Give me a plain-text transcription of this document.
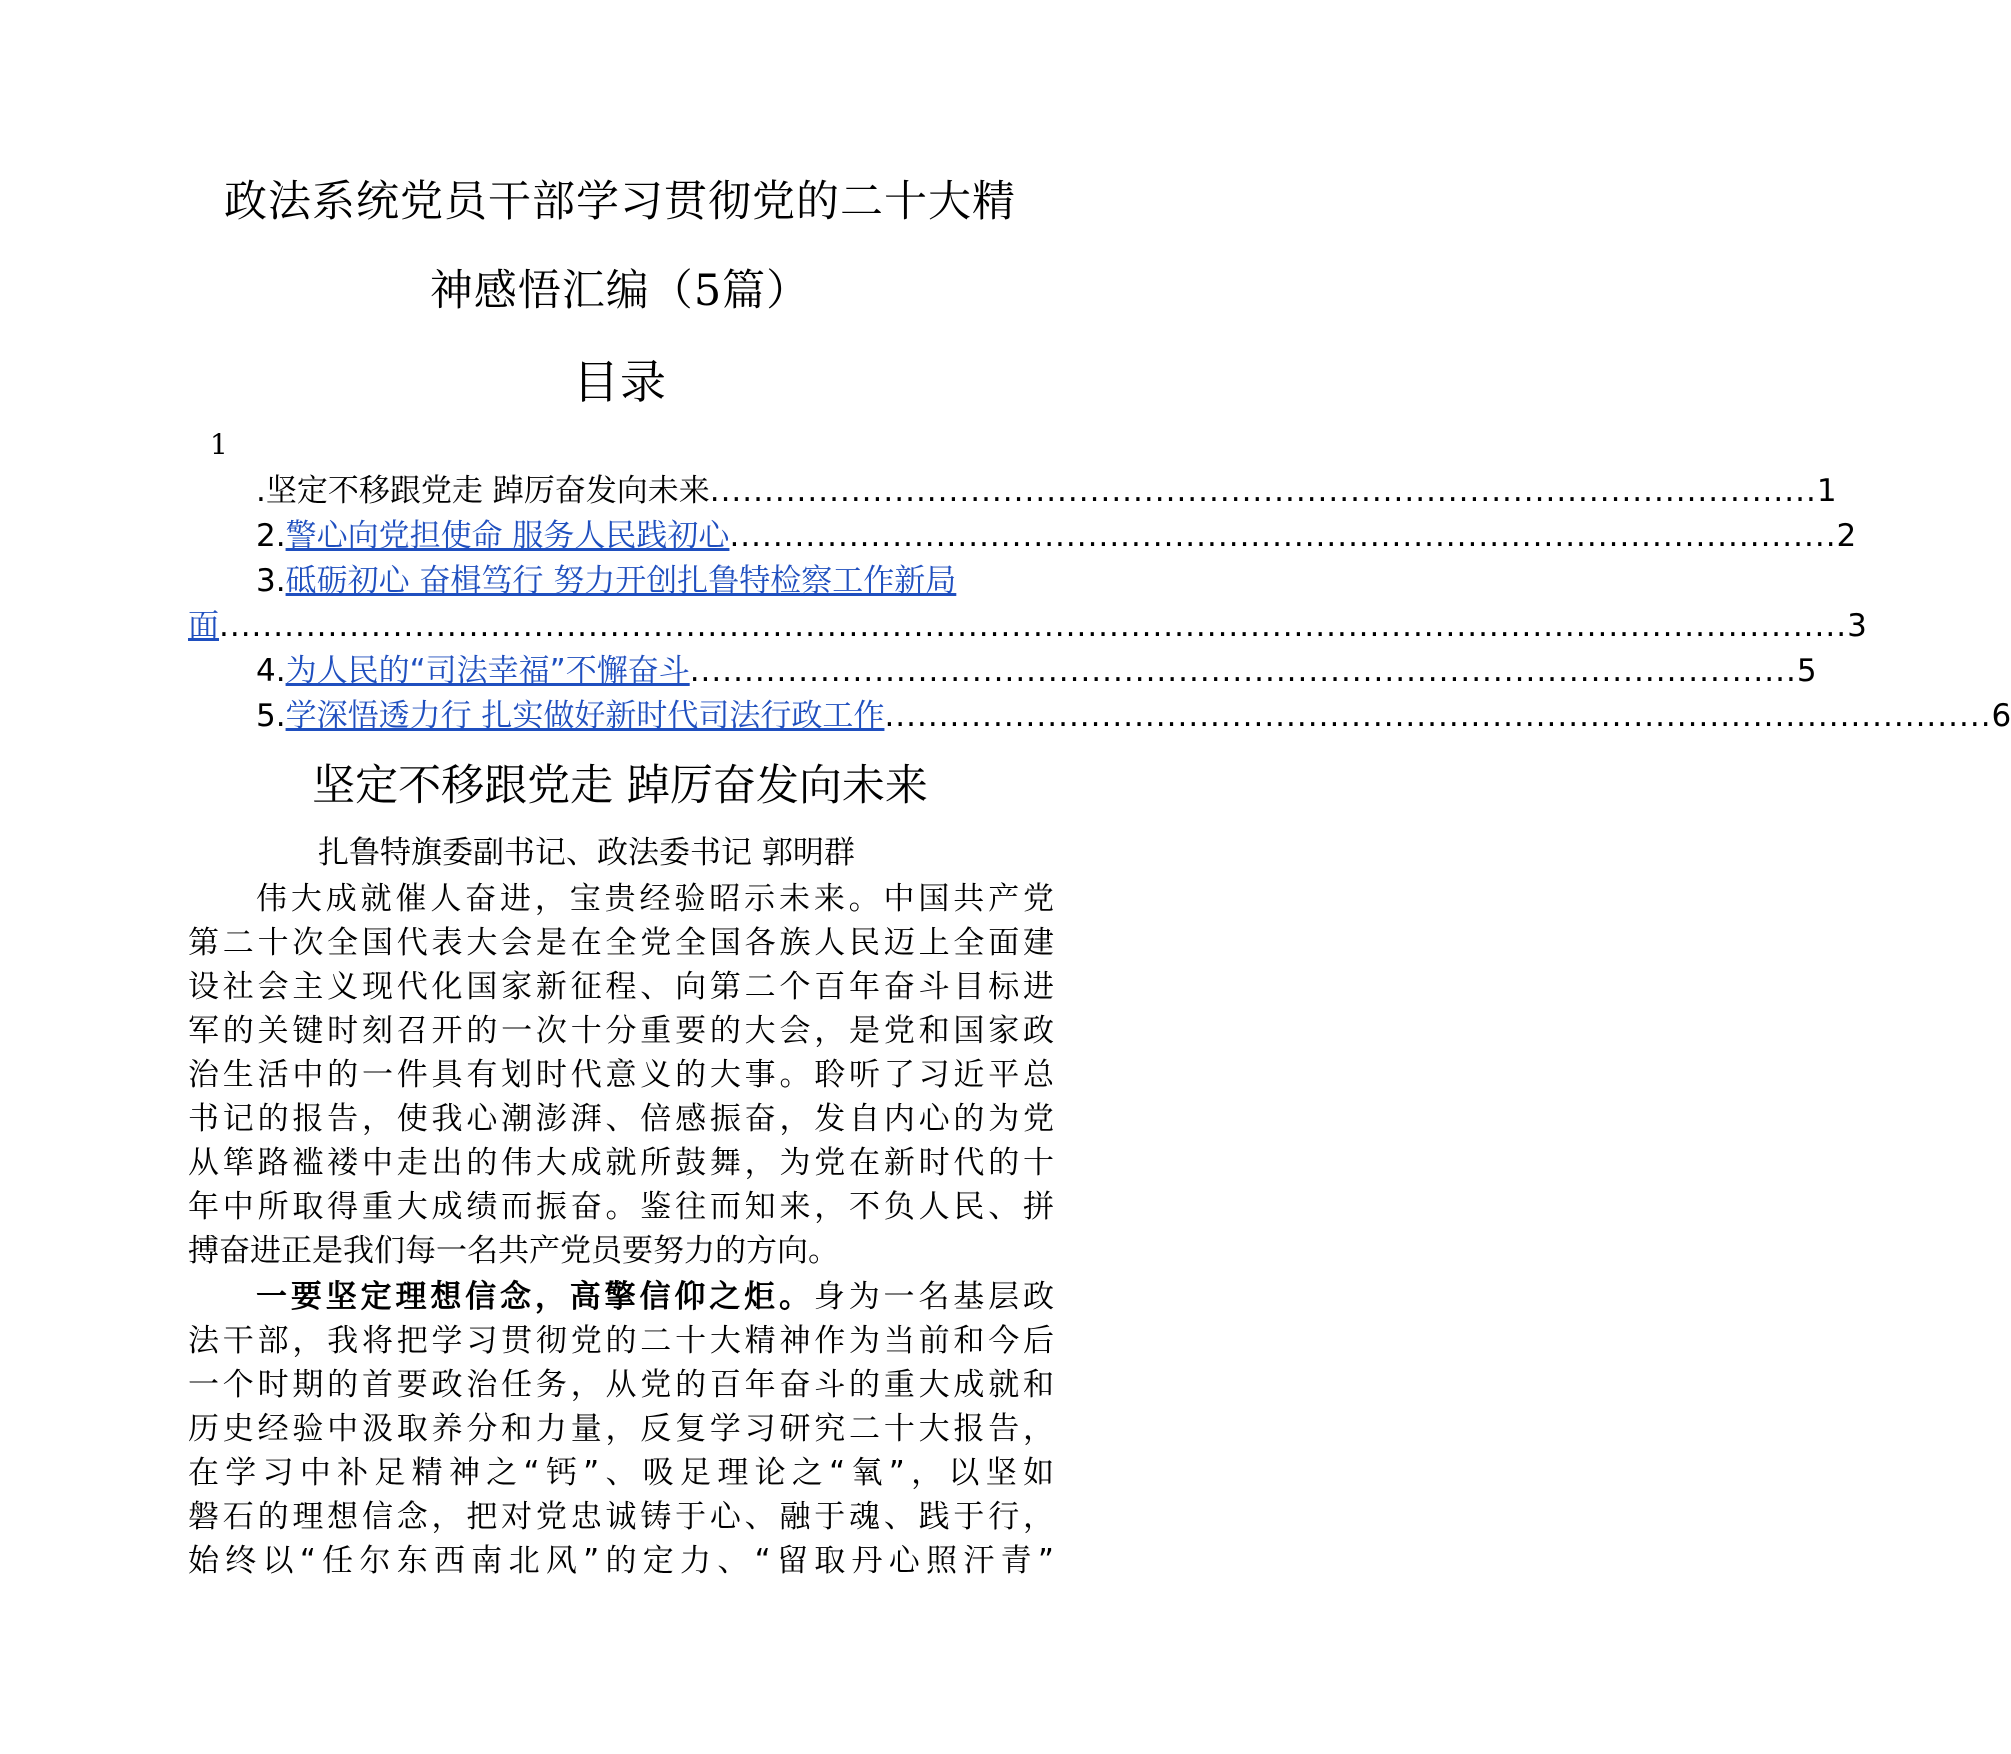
政法系统党员干部学习贯彻党的二十大精
神感悟汇编（5篇）
目录
1
.坚定不移跟党走 踔厉奋发向未来 ...................................................................................................... 1
2. 警心向党担使命 服务人民践初心 ...................................................................................................... 2
3. 砥砺初心 奋楫笃行 努力开创扎鲁特检察工作新局
面 ...................................................................................................................................................... 3
4. 为人民的“司法幸福”不懈奋斗 ...................................................................................................... 5
5. 学深悟透力行 扎实做好新时代司法行政工作 ...................................................................................................... 6
坚定不移跟党走 踔厉奋发向未来
扎鲁特旗委副书记、政法委书记 郭明群
伟大成就催人奋进，宝贵经验昭示未来。中国共产党
第二十次全国代表大会是在全党全国各族人民迈上全面建
设社会主义现代化国家新征程、向第二个百年奋斗目标进
军的关键时刻召开的一次十分重要的大会，是党和国家政
治生活中的一件具有划时代意义的大事。聆听了习近平总
书记的报告，使我心潮澎湃、倍感振奋，发自内心的为党
从筚路褴褛中走出的伟大成就所鼓舞，为党在新时代的十
年中所取得重大成绩而振奋。鉴往而知来，不负人民、拼
搏奋进正是我们每一名共产党员要努力的方向。
一要坚定理想信念，高擎信仰之炬。身为一名基层政
法干部，我将把学习贯彻党的二十大精神作为当前和今后
一个时期的首要政治任务，从党的百年奋斗的重大成就和
历史经验中汲取养分和力量，反复学习研究二十大报告，
在学习中补足精神之“钙”、吸足理论之“氧”，以坚如
磐石的理想信念，把对党忠诚铸于心、融于魂、践于行，
始终以“任尔东西南北风”的定力、“留取丹心照汗青”
